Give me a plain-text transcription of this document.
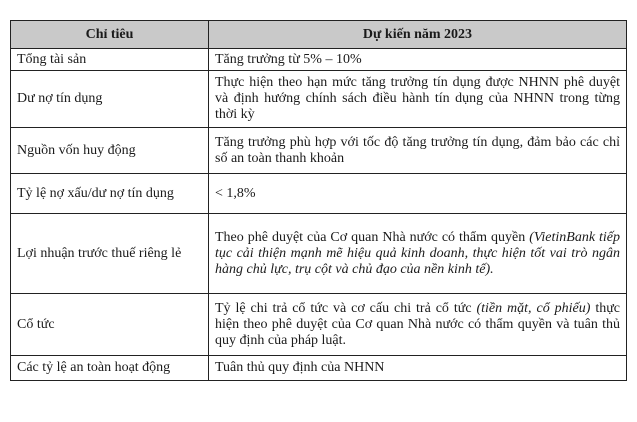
Chỉ tiêu	Dự kiến năm 2023
Tổng tài sản	Tăng trưởng từ 5% – 10%
Dư nợ tín dụng	Thực hiện theo hạn mức tăng trưởng tín dụng được NHNN phê duyệt và định hướng chính sách điều hành tín dụng của NHNN trong từng thời kỳ
Nguồn vốn huy động	Tăng trưởng phù hợp với tốc độ tăng trưởng tín dụng, đảm bảo các chỉ số an toàn thanh khoản
Tỷ lệ nợ xấu/dư nợ tín dụng	< 1,8%
Lợi nhuận trước thuế riêng lẻ	Theo phê duyệt của Cơ quan Nhà nước có thẩm quyền (VietinBank tiếp tục cải thiện mạnh mẽ hiệu quả kinh doanh, thực hiện tốt vai trò ngân hàng chủ lực, trụ cột và chủ đạo của nền kinh tế).
Cổ tức	Tỷ lệ chi trả cổ tức và cơ cấu chi trả cổ tức (tiền mặt, cổ phiếu) thực hiện theo phê duyệt của Cơ quan Nhà nước có thẩm quyền và tuân thủ quy định của pháp luật.
Các tỷ lệ an toàn hoạt động	Tuân thủ quy định của NHNN
